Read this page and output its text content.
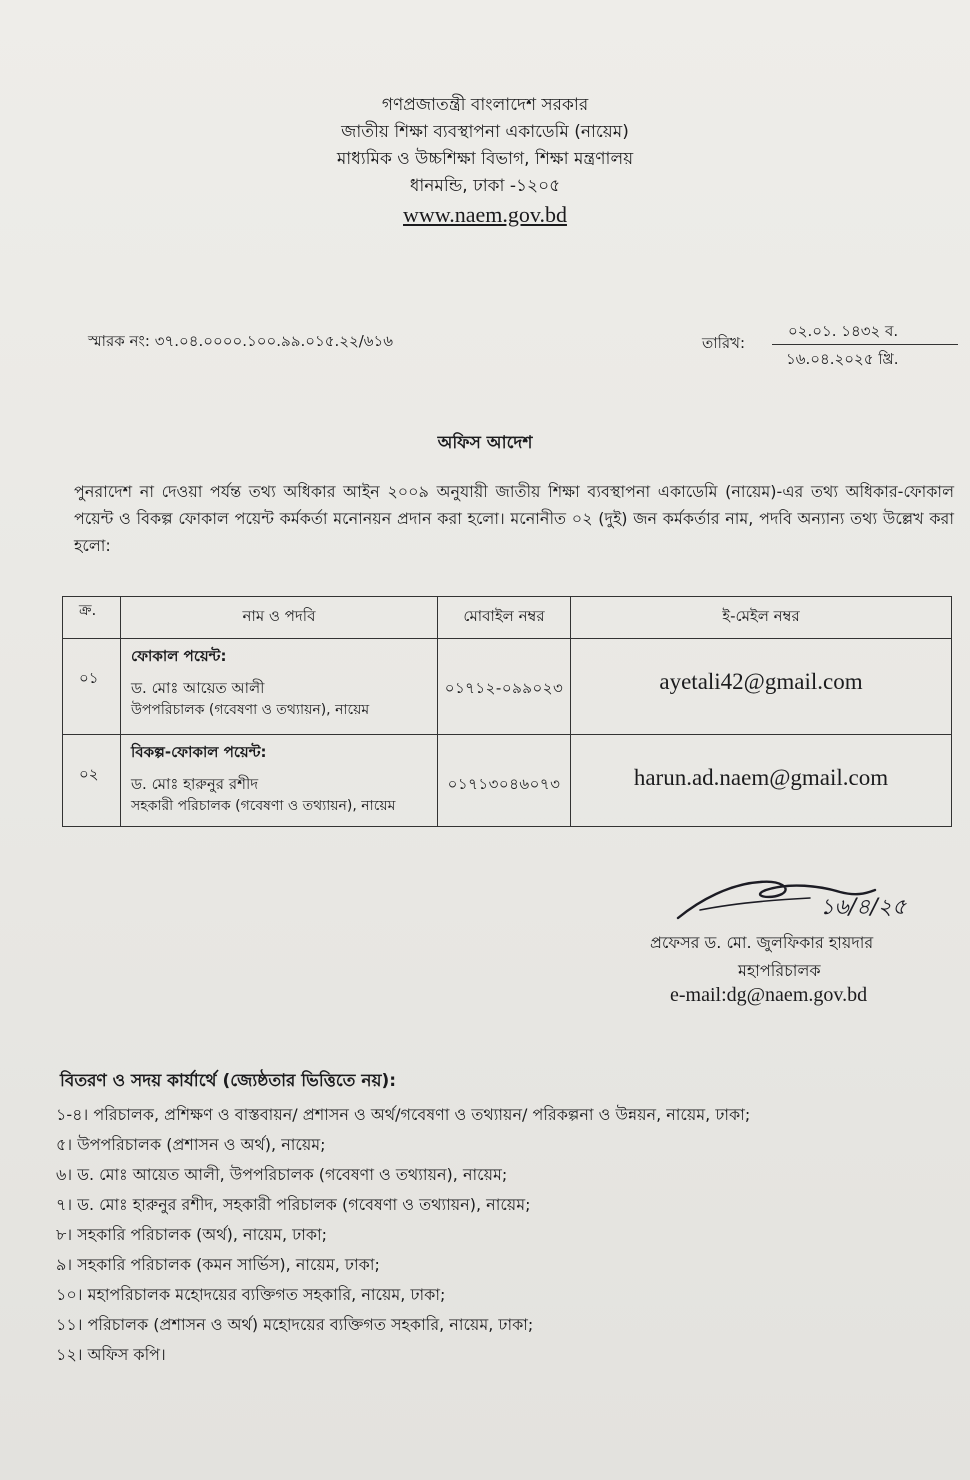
গণপ্রজাতন্ত্রী বাংলাদেশ সরকার
জাতীয় শিক্ষা ব্যবস্থাপনা একাডেমি (নায়েম)
মাধ্যমিক ও উচ্চশিক্ষা বিভাগ, শিক্ষা মন্ত্রণালয়
ধানমন্ডি, ঢাকা -১২০৫
www.naem.gov.bd
স্মারক নং: ৩৭.০৪.০০০০.১০০.৯৯.০১৫.২২/৬১৬	তারিখ:
০২.০১. ১৪৩২ ব.
১৬.০৪.২০২৫ খ্রি.
অফিস আদেশ
পুনরাদেশ না দেওয়া পর্যন্ত তথ্য অধিকার আইন ২০০৯ অনুযায়ী জাতীয় শিক্ষা ব্যবস্থাপনা একাডেমি (নায়েম)-এর তথ্য অধিকার-ফোকাল পয়েন্ট ও বিকল্প ফোকাল পয়েন্ট কর্মকর্তা মনোনয়ন প্রদান করা হলো। মনোনীত ০২ (দুই) জন কর্মকর্তার নাম, পদবি অন্যান্য তথ্য উল্লেখ করা হলো:
ক্র.	নাম ও পদবি	মোবাইল নম্বর	ই-মেইল নম্বর
০১	ফোকাল পয়েন্ট:
ড. মোঃ আয়েত আলী
উপপরিচালক (গবেষণা ও তথ্যায়ন), নায়েম	০১৭১২-০৯৯০২৩	ayetali42@gmail.com
০২	বিকল্প-ফোকাল পয়েন্ট:
ড. মোঃ হারুনুর রশীদ
সহকারী পরিচালক (গবেষণা ও তথ্যায়ন), নায়েম	০১৭১৩০৪৬০৭৩	harun.ad.naem@gmail.com
১৬/৪/২৫
প্রফেসর ড. মো. জুলফিকার হায়দার
মহাপরিচালক
e-mail:dg@naem.gov.bd
বিতরণ ও সদয় কার্যার্থে (জ্যেষ্ঠতার ভিত্তিতে নয়):
১-৪। পরিচালক, প্রশিক্ষণ ও বাস্তবায়ন/ প্রশাসন ও অর্থ/গবেষণা ও তথ্যায়ন/ পরিকল্পনা ও উন্নয়ন, নায়েম, ঢাকা;
৫। উপপরিচালক (প্রশাসন ও অর্থ), নায়েম;
৬। ড. মোঃ আয়েত আলী, উপপরিচালক (গবেষণা ও তথ্যায়ন), নায়েম;
৭। ড. মোঃ হারুনুর রশীদ, সহকারী পরিচালক (গবেষণা ও তথ্যায়ন), নায়েম;
৮। সহকারি পরিচালক (অর্থ), নায়েম, ঢাকা;
৯। সহকারি পরিচালক (কমন সার্ভিস), নায়েম, ঢাকা;
১০। মহাপরিচালক মহোদয়ের ব্যক্তিগত সহকারি, নায়েম, ঢাকা;
১১। পরিচালক (প্রশাসন ও অর্থ) মহোদয়ের ব্যক্তিগত সহকারি, নায়েম, ঢাকা;
১২। অফিস কপি।
